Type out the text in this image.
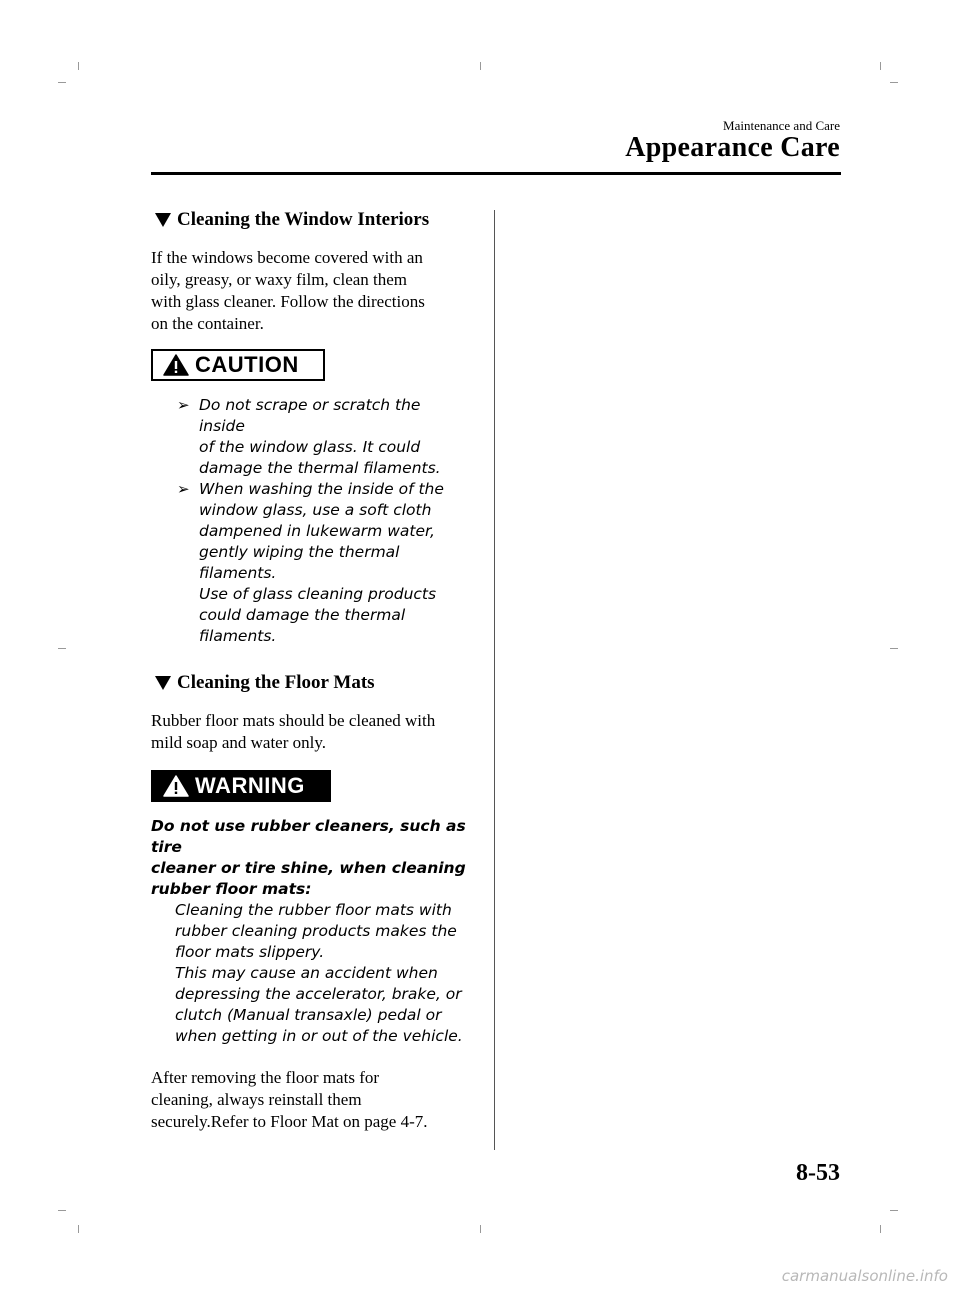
Maintenance and Care
Appearance Care
Cleaning the Window Interiors
If the windows become covered with an
oily, greasy, or waxy film, clean them
with glass cleaner. Follow the directions
on the container.
CAUTION
➢ Do not scrape or scratch the inside
of the window glass. It could
damage the thermal filaments.
➢ When washing the inside of the
window glass, use a soft cloth
dampened in lukewarm water,
gently wiping the thermal
filaments.
Use of glass cleaning products
could damage the thermal
filaments.
Cleaning the Floor Mats
Rubber floor mats should be cleaned with
mild soap and water only.
WARNING
Do not use rubber cleaners, such as tire
cleaner or tire shine, when cleaning
rubber floor mats:
Cleaning the rubber floor mats with
rubber cleaning products makes the
floor mats slippery.
This may cause an accident when
depressing the accelerator, brake, or
clutch (Manual transaxle) pedal or
when getting in or out of the vehicle.
After removing the floor mats for
cleaning, always reinstall them
securely.Refer to Floor Mat on page 4-7.
8-53
carmanualsonline.info
